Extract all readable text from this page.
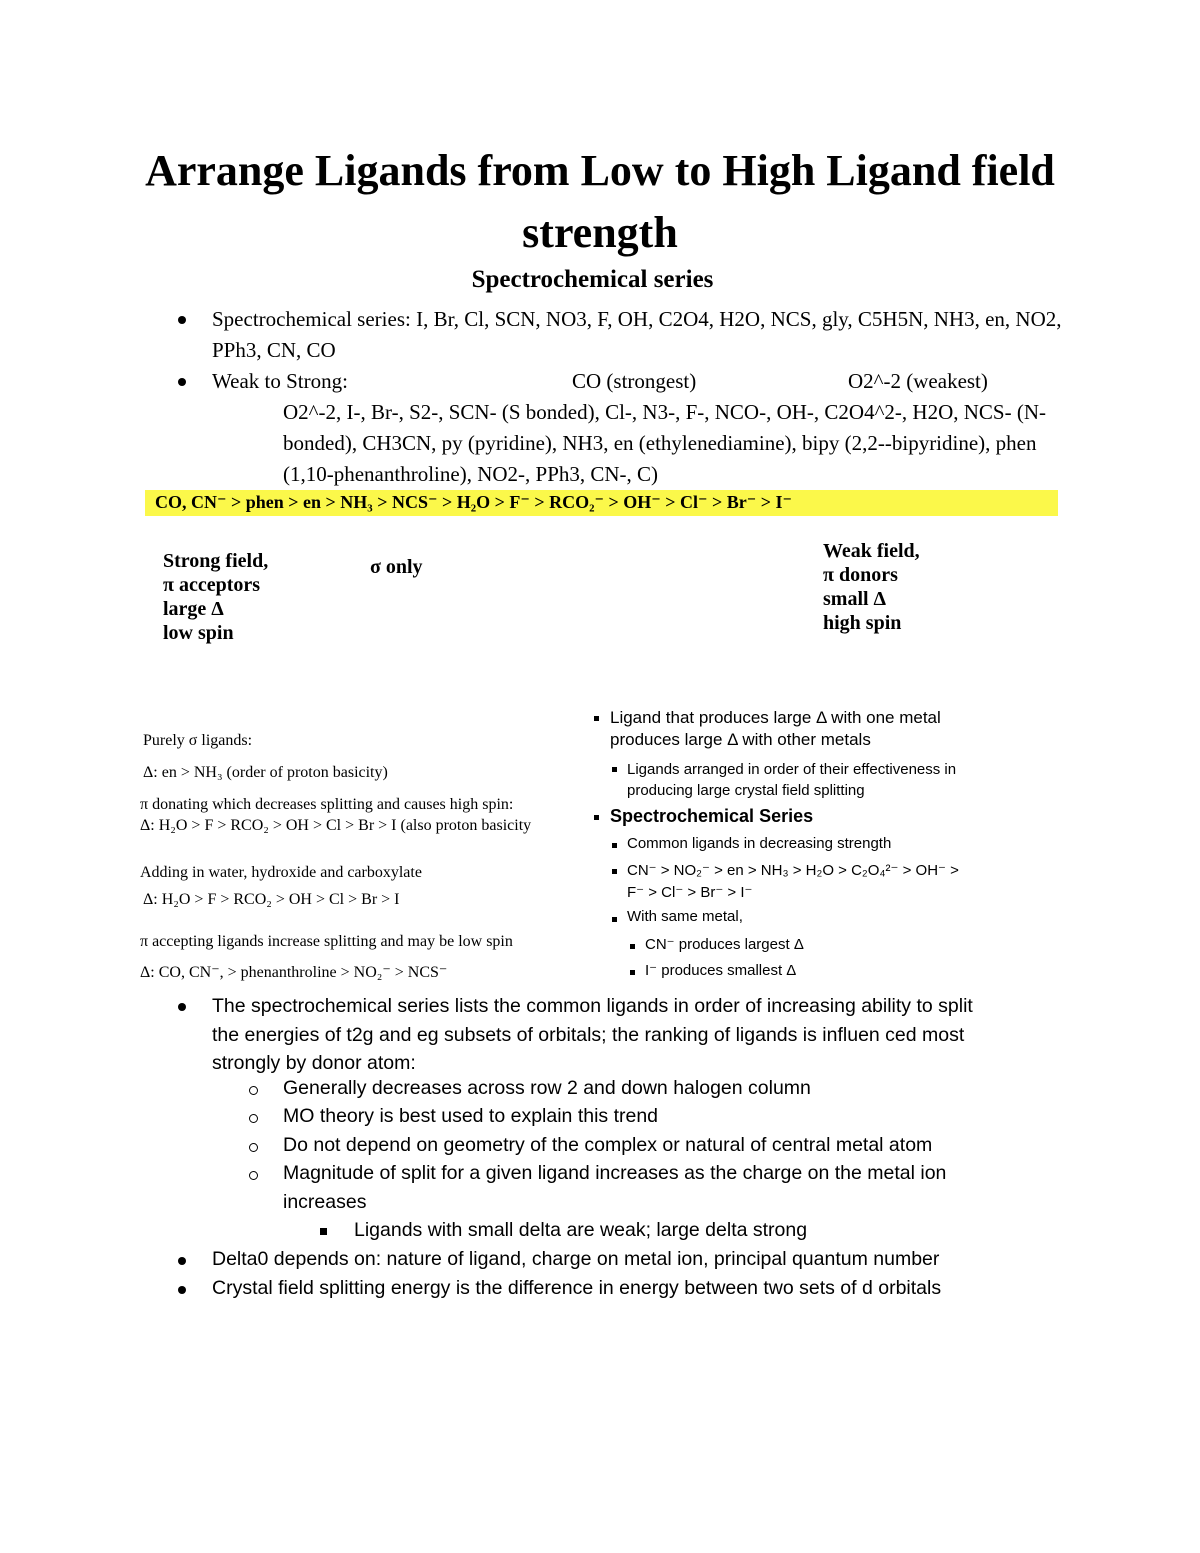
Arrange Ligands from Low to High Ligand field strength
Spectrochemical series
Spectrochemical series: I, Br, Cl, SCN, NO3, F, OH, C2O4, H2O, NCS, gly, C5H5N, NH3, en, NO2, PPh3, CN, CO
Weak to Strong:	CO (strongest)	O2^-2 (weakest)
O2^-2, I-, Br-, S2-, SCN- (S bonded), Cl-, N3-, F-, NCO-, OH-, C2O4^2-, H2O, NCS- (N-bonded), CH3CN, py (pyridine), NH3, en (ethylenediamine), bipy (2,2--bipyridine), phen (1,10-phenanthroline), NO2-, PPh3, CN-, C)
CO, CN⁻ > phen > en > NH₃ > NCS⁻ > H₂O > F⁻ > RCO₂⁻ > OH⁻ > Cl⁻ > Br⁻ > I⁻
Strong field,
π acceptors
large Δ
low spin
σ only
Weak field,
π donors
small Δ
high spin
Purely σ ligands:
Δ: en > NH₃ (order of proton basicity)
π donating which decreases splitting and causes high spin:
Δ: H₂O > F > RCO₂ > OH > Cl > Br > I (also proton basicity
Adding in water, hydroxide and carboxylate
Δ: H₂O > F > RCO₂ > OH > Cl > Br > I
π accepting ligands increase splitting and may be low spin
Δ: CO, CN⁻, > phenanthroline > NO₂⁻ > NCS⁻
Ligand that produces large Δ with one metal
produces large Δ with other metals
Ligands arranged in order of their effectiveness in
producing large crystal field splitting
Spectrochemical Series
Common ligands in decreasing strength
CN⁻ > NO₂⁻ > en > NH₃ > H₂O > C₂O₄²⁻ > OH⁻ >
F⁻ > Cl⁻ > Br⁻ > I⁻
With same metal,
CN⁻ produces largest Δ
I⁻ produces smallest Δ
The spectrochemical series lists the common ligands in order of increasing ability to split
the energies of t2g and eg subsets of orbitals; the ranking of ligands is influen ced most
strongly by donor atom:
Generally decreases across row 2 and down halogen column
MO theory is best used to explain this trend
Do not depend on geometry of the complex or natural of central metal atom
Magnitude of split for a given ligand increases as the charge on the metal ion
increases
Ligands with small delta are weak; large delta strong
Delta0 depends on: nature of ligand, charge on metal ion, principal quantum number
Crystal field splitting energy is the difference in energy between two sets of d orbitals
